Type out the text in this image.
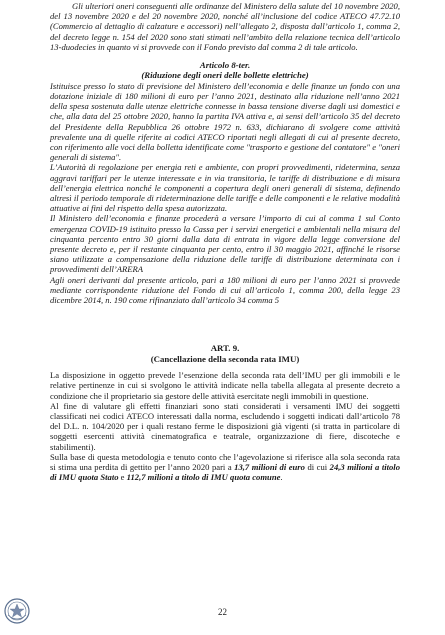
Gli ulteriori oneri conseguenti alle ordinanze del Ministero della salute del 10 novembre 2020, del 13 novembre 2020 e del 20 novembre 2020, nonché all’inclusione del codice ATECO 47.72.10 (Commercio al dettaglio di calzature e accessori) nell’allegato 2, disposta dall’articolo 1, comma 2, del decreto legge n. 154 del 2020 sono stati stimati nell’ambito della relazione tecnica dell’articolo 13-duodecies in quanto vi si provvede con il Fondo previsto dal comma 2 di tale articolo.

Articolo 8-ter.

(Riduzione degli oneri delle bollette elettriche)

Istituisce presso lo stato di previsione del Ministero dell’economia e delle finanze un fondo con una dotazione iniziale di 180 milioni di euro per l’anno 2021, destinato alla riduzione nell’anno 2021 della spesa sostenuta dalle utenze elettriche connesse in bassa tensione diverse dagli usi domestici e che, alla data del 25 ottobre 2020, hanno la partita IVA attiva e, ai sensi dell’articolo 35 del decreto del Presidente della Repubblica 26 ottobre 1972 n. 633, dichiarano di svolgere come attività prevalente una di quelle riferite ai codici ATECO riportati negli allegati di cui al presente decreto, con riferimento alle voci della bolletta identificate come "trasporto e gestione del contatore" e "oneri generali di sistema".

L’Autorità di regolazione per energia reti e ambiente, con propri provvedimenti, ridetermina, senza aggravi tariffari per le utenze interessate e in via transitoria, le tariffe di distribuzione e di misura dell’energia elettrica nonché le componenti a copertura degli oneri generali di sistema, definendo altresì il periodo temporale di rideterminazione delle tariffe e delle componenti e le relative modalità attuative ai fini del rispetto della spesa autorizzata.

Il Ministero dell’economia e finanze procederà a versare l’importo di cui al comma 1 sul Conto emergenza COVID-19 istituito presso la Cassa per i servizi energetici e ambientali nella misura del cinquanta percento entro 30 giorni dalla data di entrata in vigore della legge conversione del presente decreto e, per il restante cinquanta per cento, entro il 30 maggio 2021, affinché le risorse siano utilizzate a compensazione della riduzione delle tariffe di distribuzione determinata con i provvedimenti dell’ARERA

Agli oneri derivanti dal presente articolo, pari a 180 milioni di euro per l’anno 2021 si provvede mediante corrispondente riduzione del Fondo di cui all’articolo 1, comma 200, della legge 23 dicembre 2014, n. 190 come rifinanziato dall’articolo 34 comma 5

ART. 9.

(Cancellazione della seconda rata IMU)

La disposizione in oggetto prevede l’esenzione della seconda rata dell’IMU per gli immobili e le relative pertinenze in cui si svolgono le attività indicate nella tabella allegata al presente decreto a condizione che il proprietario sia gestore delle attività esercitate negli immobili in questione.

Al fine di valutare gli effetti finanziari sono stati considerati i versamenti IMU dei soggetti classificati nei codici ATECO interessati dalla norma, escludendo i soggetti indicati dall’articolo 78 del D.L. n. 104/2020 per i quali restano ferme le disposizioni già vigenti (si tratta in particolare di soggetti esercenti attività cinematografica e teatrale, organizzazione di fiere, discoteche e stabilimenti).

Sulla base di questa metodologia e tenuto conto che l’agevolazione si riferisce alla sola seconda rata si stima una perdita di gettito per l’anno 2020 pari a 13,7 milioni di euro di cui 24,3 milioni a titolo di IMU quota Stato e 112,7 milioni a titolo di IMU quota comune.

22
